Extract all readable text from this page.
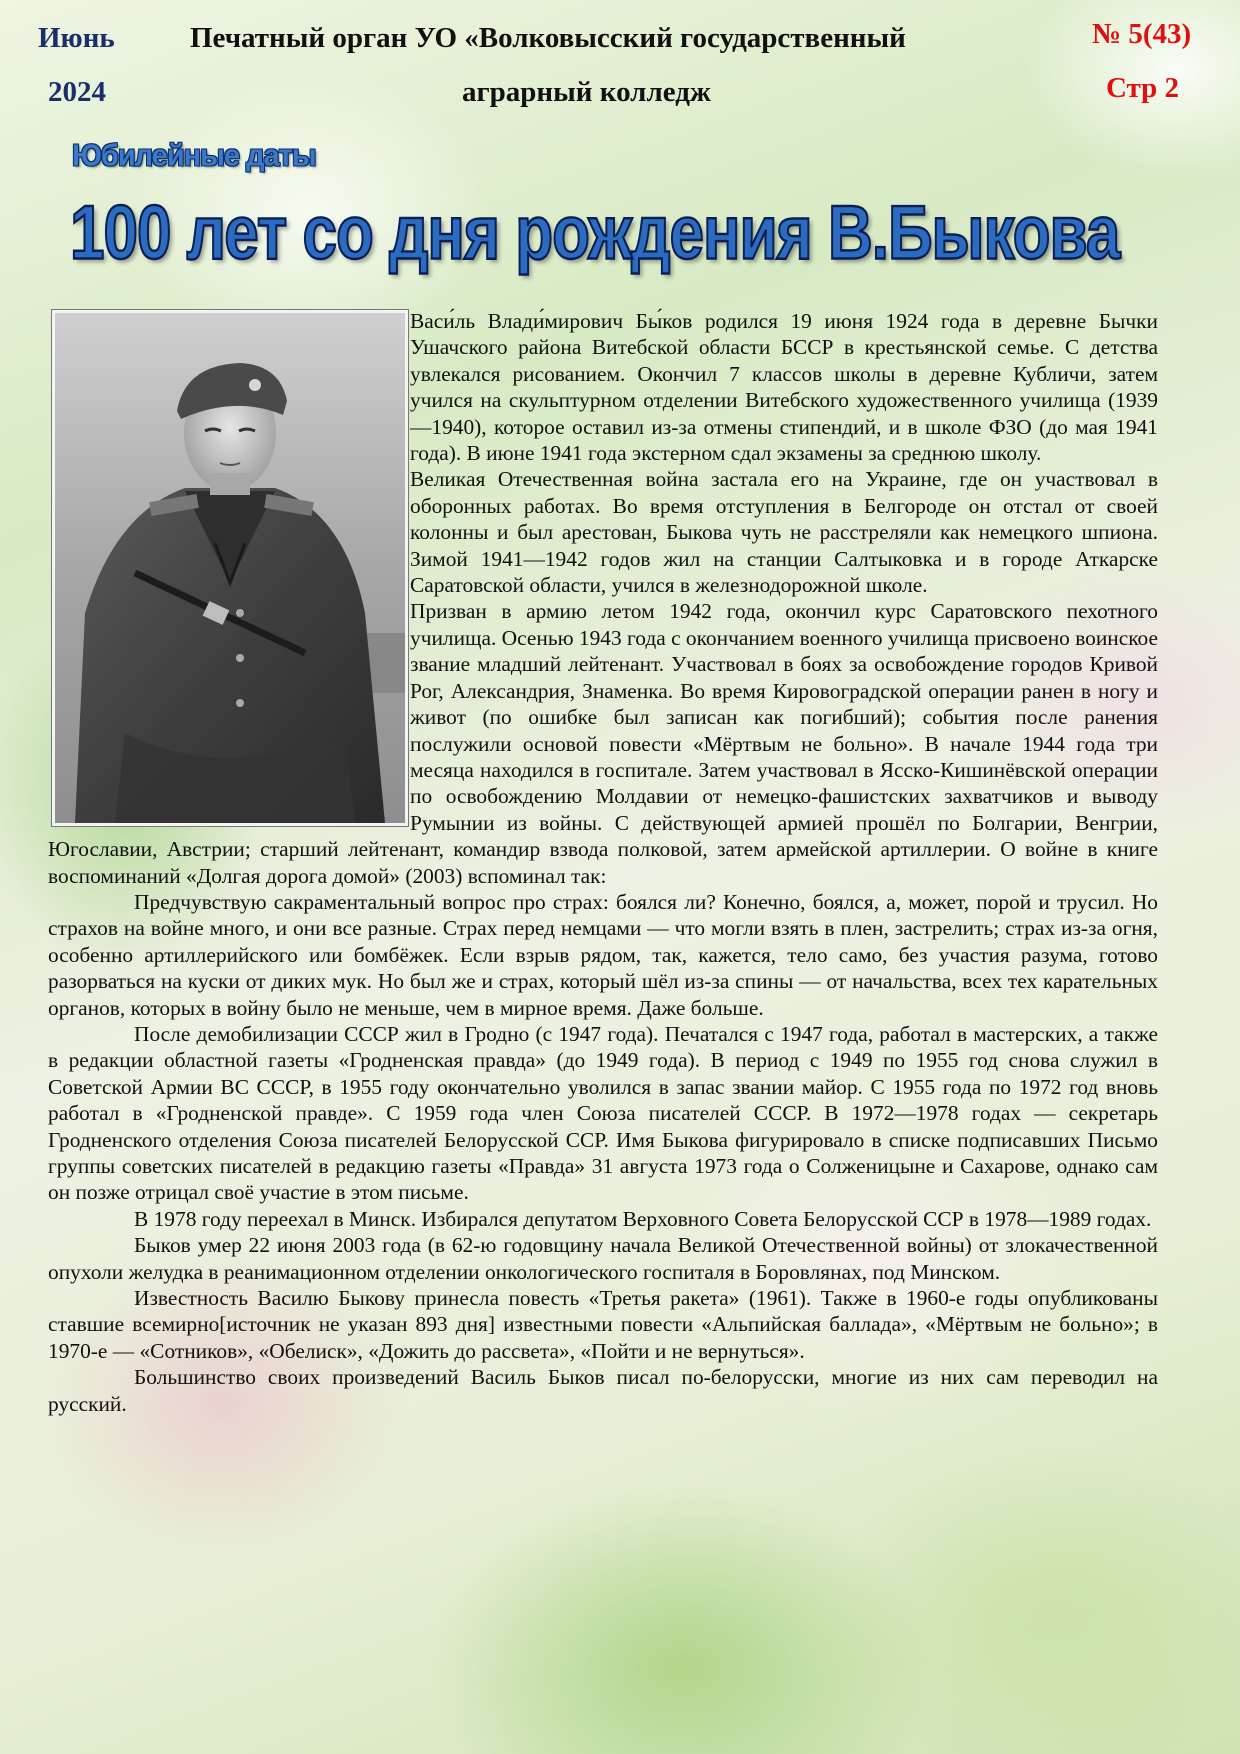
Июнь
2024
Печатный орган УО «Волковысский государственный
аграрный колледж
№ 5(43)
Стр 2
Юбилейные даты
100 лет со дня рождения В.Быкова

Васи́ль Влади́мирович Бы́ков родился 19 июня 1924 года в деревне Бычки Ушачского района Витебской области БССР в крестьянской семье. С детства увлекался рисованием. Окончил 7 классов школы в деревне Кубличи, затем учился на скульптурном отделении Витебского художественного училища (1939—1940), которое оставил из-за отмены стипендий, и в школе ФЗО (до мая 1941 года). В июне 1941 года экстерном сдал экзамены за среднюю школу.

Великая Отечественная война застала его на Украине, где он участвовал в оборонных работах. Во время отступления в Белгороде он отстал от своей колонны и был арестован, Быкова чуть не расстреляли как немецкого шпиона. Зимой 1941—1942 годов жил на станции Салтыковка и в городе Аткарске Саратовской области, учился в железнодорожной школе.

Призван в армию летом 1942 года, окончил курс Саратовского пехотного училища. Осенью 1943 года с окончанием военного училища присвоено воинское звание младший лейтенант. Участвовал в боях за освобождение городов Кривой Рог, Александрия, Знаменка. Во время Кировоградской операции ранен в ногу и живот (по ошибке был записан как погибший); события после ранения послужили основой повести «Мёртвым не больно». В начале 1944 года три месяца находился в госпитале. Затем участвовал в Ясско-Кишинёвской операции по освобождению Молдавии от немецко-фашистских захватчиков и выводу Румынии из войны. С действующей армией прошёл по Болгарии, Венгрии, Югославии, Австрии; старший лейтенант, командир взвода полковой, затем армейской артиллерии. О войне в книге воспоминаний «Долгая дорога домой» (2003) вспоминал так:

Предчувствую сакраментальный вопрос про страх: боялся ли? Конечно, боялся, а, может, порой и трусил. Но страхов на войне много, и они все разные. Страх перед немцами — что могли взять в плен, застрелить; страх из-за огня, особенно артиллерийского или бомбёжек. Если взрыв рядом, так, кажется, тело само, без участия разума, готово разорваться на куски от диких мук. Но был же и страх, который шёл из-за спины — от начальства, всех тех карательных органов, которых в войну было не меньше, чем в мирное время. Даже больше.

После демобилизации СССР жил в Гродно (с 1947 года). Печатался с 1947 года, работал в мастерских, а также в редакции областной газеты «Гродненская правда» (до 1949 года). В период с 1949 по 1955 год снова служил в Советской Армии ВС СССР, в 1955 году окончательно уволился в запас звании майор. С 1955 года по 1972 год вновь работал в «Гродненской правде». С 1959 года член Союза писателей СССР. В 1972—1978 годах — секретарь Гродненского отделения Союза писателей Белорусской ССР. Имя Быкова фигурировало в списке подписавших Письмо группы советских писателей в редакцию газеты «Правда» 31 августа 1973 года о Солженицыне и Сахарове, однако сам он позже отрицал своё участие в этом письме.

В 1978 году переехал в Минск. Избирался депутатом Верховного Совета Белорусской ССР в 1978—1989 годах.

Быков умер 22 июня 2003 года (в 62-ю годовщину начала Великой Отечественной войны) от злокачественной опухоли желудка в реанимационном отделении онкологического госпиталя в Боровлянах, под Минском.

Известность Василю Быкову принесла повесть «Третья ракета» (1961). Также в 1960-е годы опубликованы ставшие всемирно[источник не указан 893 дня] известными повести «Альпийская баллада», «Мёртвым не больно»; в 1970-е — «Сотников», «Обелиск», «Дожить до рассвета», «Пойти и не вернуться».

Большинство своих произведений Василь Быков писал по-белорусски, многие из них сам переводил на русский.
